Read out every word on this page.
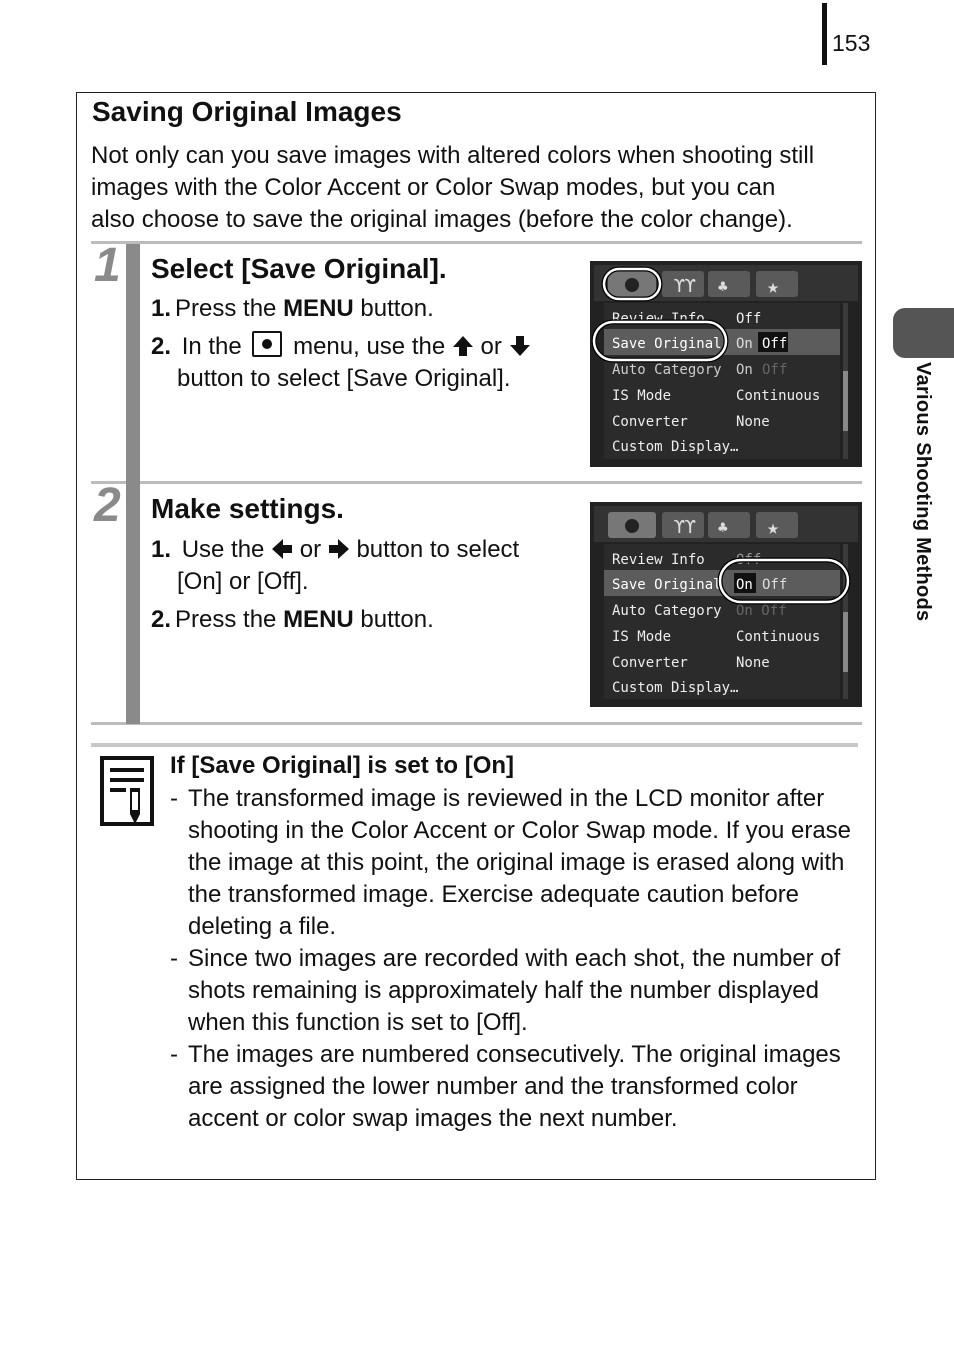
153
Various Shooting Methods
Saving Original Images

Not only can you save images with altered colors when shooting still

images with the Color Accent or Color Swap modes, but you can

also choose to save the original images (before the color change).

1 Select [Save Original].
1. Press the MENU button.
2. In the menu, use the or
button to select [Save Original].
ϒϒ ♣ ★
Review Info Off
Save Original On Off
Auto Category On Off
IS Mode	Continuous
Converter	None
Custom Display…
2 Make settings.
1. Use the or button to select
[On] or [Off].
2. Press the MENU button.
ϒϒ ♣ ★
Review Info Off
Save Original On Off
Auto Category On Off
IS Mode	Continuous
Converter	None
Custom Display…
If [Save Original] is set to [On]
- The transformed image is reviewed in the LCD monitor after shooting in the Color Accent or Color Swap mode. If you erase the image at this point, the original image is erased along with the transformed image. Exercise adequate caution before deleting a file.
- Since two images are recorded with each shot, the number of shots remaining is approximately half the number displayed when this function is set to [Off].
- The images are numbered consecutively. The original images are assigned the lower number and the transformed color accent or color swap images the next number.
